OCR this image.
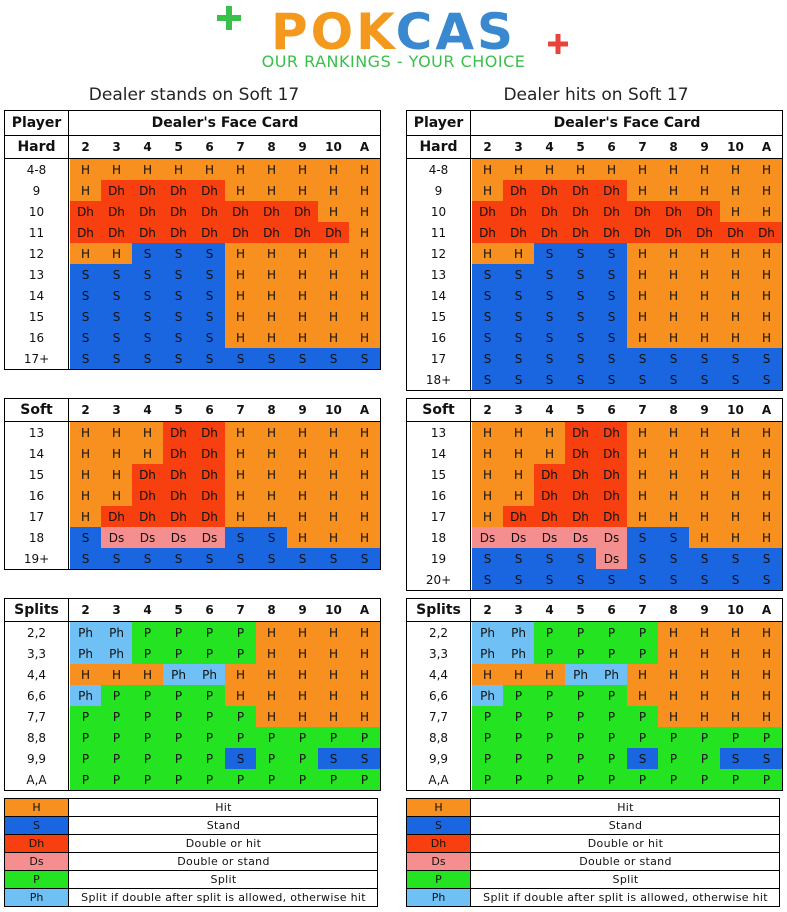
POKCAS
OUR RANKINGS - YOUR CHOICE
Dealer stands on Soft 17	Dealer hits on Soft 17
Player	Dealer's Face Card
Hard	2	3	4	5	6	7	8	9	10	A
4-8	H	H	H	H	H	H	H	H	H	H
9	H	Dh	Dh	Dh	Dh	H	H	H	H	H
10	Dh	Dh	Dh	Dh	Dh	Dh	Dh	Dh	H	H
11	Dh	Dh	Dh	Dh	Dh	Dh	Dh	Dh	Dh	H
12	H	H	S	S	S	H	H	H	H	H
13	S	S	S	S	S	H	H	H	H	H
14	S	S	S	S	S	H	H	H	H	H
15	S	S	S	S	S	H	H	H	H	H
16	S	S	S	S	S	H	H	H	H	H
17+	S	S	S	S	S	S	S	S	S	S
Player	Dealer's Face Card
Hard	2	3	4	5	6	7	8	9	10	A
4-8	H	H	H	H	H	H	H	H	H	H
9	H	Dh	Dh	Dh	Dh	H	H	H	H	H
10	Dh	Dh	Dh	Dh	Dh	Dh	Dh	Dh	H	H
11	Dh	Dh	Dh	Dh	Dh	Dh	Dh	Dh	Dh	Dh
12	H	H	S	S	S	H	H	H	H	H
13	S	S	S	S	S	H	H	H	H	H
14	S	S	S	S	S	H	H	H	H	H
15	S	S	S	S	S	H	H	H	H	H
16	S	S	S	S	S	H	H	H	H	H
17	S	S	S	S	S	S	S	S	S	S
18+	S	S	S	S	S	S	S	S	S	S
Soft	2	3	4	5	6	7	8	9	10	A
13	H	H	H	Dh	Dh	H	H	H	H	H
14	H	H	H	Dh	Dh	H	H	H	H	H
15	H	H	Dh	Dh	Dh	H	H	H	H	H
16	H	H	Dh	Dh	Dh	H	H	H	H	H
17	H	Dh	Dh	Dh	Dh	H	H	H	H	H
18	S	Ds	Ds	Ds	Ds	S	S	H	H	H
19+	S	S	S	S	S	S	S	S	S	S
Soft	2	3	4	5	6	7	8	9	10	A
13	H	H	H	Dh	Dh	H	H	H	H	H
14	H	H	H	Dh	Dh	H	H	H	H	H
15	H	H	Dh	Dh	Dh	H	H	H	H	H
16	H	H	Dh	Dh	Dh	H	H	H	H	H
17	H	Dh	Dh	Dh	Dh	H	H	H	H	H
18	Ds	Ds	Ds	Ds	Ds	S	S	H	H	H
19	S	S	S	S	Ds	S	S	S	S	S
20+	S	S	S	S	S	S	S	S	S	S
Splits	2	3	4	5	6	7	8	9	10	A
2,2	Ph	Ph	P	P	P	P	H	H	H	H
3,3	Ph	Ph	P	P	P	P	H	H	H	H
4,4	H	H	H	Ph	Ph	H	H	H	H	H
6,6	Ph	P	P	P	P	H	H	H	H	H
7,7	P	P	P	P	P	P	H	H	H	H
8,8	P	P	P	P	P	P	P	P	P	P
9,9	P	P	P	P	P	S	P	P	S	S
A,A	P	P	P	P	P	P	P	P	P	P
Splits	2	3	4	5	6	7	8	9	10	A
2,2	Ph	Ph	P	P	P	P	H	H	H	H
3,3	Ph	Ph	P	P	P	P	H	H	H	H
4,4	H	H	H	Ph	Ph	H	H	H	H	H
6,6	Ph	P	P	P	P	H	H	H	H	H
7,7	P	P	P	P	P	P	H	H	H	H
8,8	P	P	P	P	P	P	P	P	P	P
9,9	P	P	P	P	P	S	P	P	S	S
A,A	P	P	P	P	P	P	P	P	P	P
H	Hit
S	Stand
Dh	Double or hit
Ds	Double or stand
P	Split
Ph	Split if double after split is allowed, otherwise hit
H	Hit
S	Stand
Dh	Double or hit
Ds	Double or stand
P	Split
Ph	Split if double after split is allowed, otherwise hit
